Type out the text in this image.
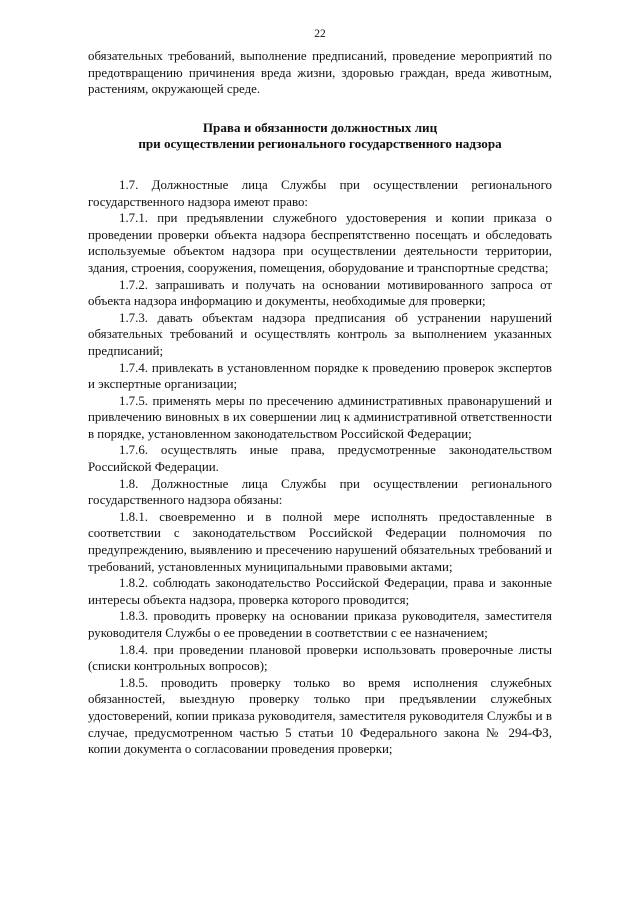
22

обязательных требований, выполнение предписаний, проведение мероприятий по предотвращению причинения вреда жизни, здоровью граждан, вреда животным, растениям, окружающей среде.

Права и обязанности должностных лиц
при осуществлении регионального государственного надзора

1.7. Должностные лица Службы при осуществлении регионального государственного надзора имеют право:

1.7.1. при предъявлении служебного удостоверения и копии приказа о проведении проверки объекта надзора беспрепятственно посещать и обследовать используемые объектом надзора при осуществлении деятельности территории, здания, строения, сооружения, помещения, оборудование и транспортные средства;

1.7.2. запрашивать и получать на основании мотивированного запроса от объекта надзора информацию и документы, необходимые для проверки;

1.7.3. давать объектам надзора предписания об устранении нарушений обязательных требований и осуществлять контроль за выполнением указанных предписаний;

1.7.4. привлекать в установленном порядке к проведению проверок экспертов и экспертные организации;

1.7.5. применять меры по пресечению административных правонарушений и привлечению виновных в их совершении лиц к административной ответственности в порядке, установленном законодательством Российской Федерации;

1.7.6. осуществлять иные права, предусмотренные законодательством Российской Федерации.

1.8. Должностные лица Службы при осуществлении регионального государственного надзора обязаны:

1.8.1. своевременно и в полной мере исполнять предоставленные в соответствии с законодательством Российской Федерации полномочия по предупреждению, выявлению и пресечению нарушений обязательных требований и требований, установленных муниципальными правовыми актами;

1.8.2. соблюдать законодательство Российской Федерации, права и законные интересы объекта надзора, проверка которого проводится;

1.8.3. проводить проверку на основании приказа руководителя, заместителя руководителя Службы о ее проведении в соответствии с ее назначением;

1.8.4. при проведении плановой проверки использовать проверочные листы (списки контрольных вопросов);

1.8.5. проводить проверку только во время исполнения служебных обязанностей, выездную проверку только при предъявлении служебных удостоверений, копии приказа руководителя, заместителя руководителя Службы и в случае, предусмотренном частью 5 статьи 10 Федерального закона № 294-ФЗ, копии документа о согласовании проведения проверки;
